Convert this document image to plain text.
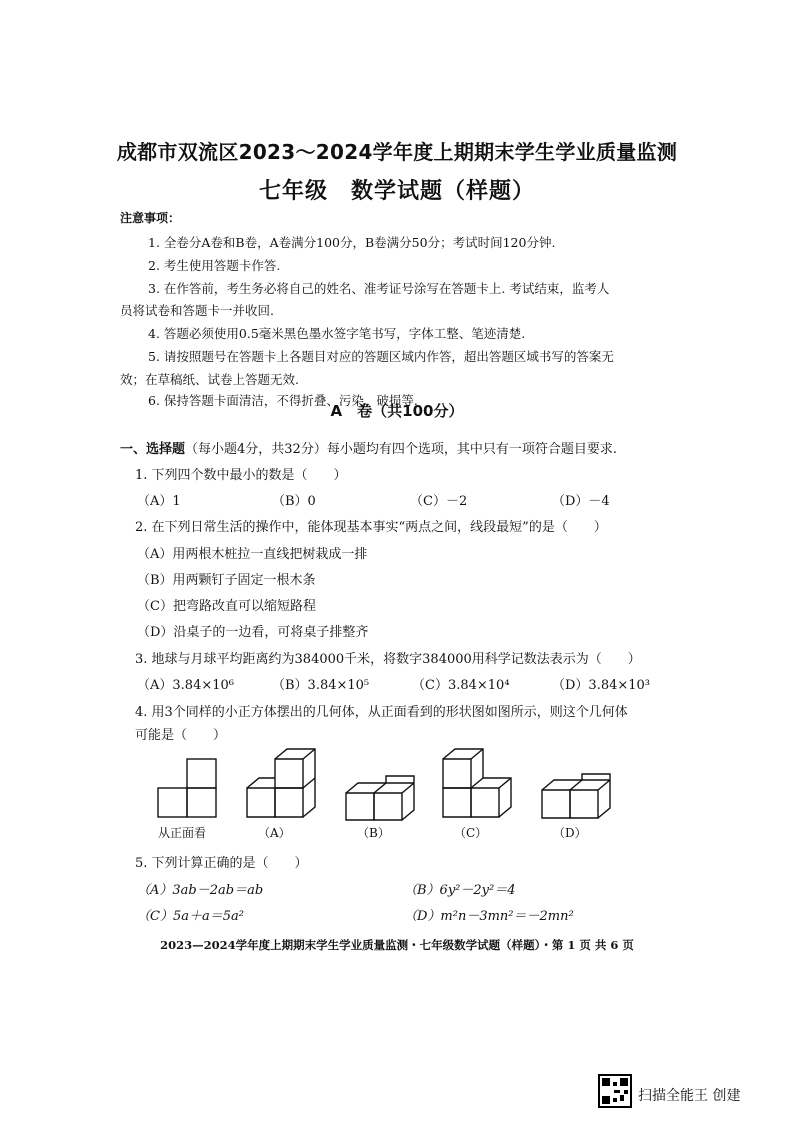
成都市双流区2023～2024学年度上期期末学生学业质量监测
七年级　数学试题（样题）
注意事项：
1. 全卷分A卷和B卷，A卷满分100分，B卷满分50分；考试时间120分钟.
2. 考生使用答题卡作答.
3. 在作答前，考生务必将自己的姓名、准考证号涂写在答题卡上. 考试结束，监考人
员将试卷和答题卡一并收回.
4. 答题必须使用0.5毫米黑色墨水签字笔书写，字体工整、笔迹清楚.
5. 请按照题号在答题卡上各题目对应的答题区域内作答，超出答题区域书写的答案无
效；在草稿纸、试卷上答题无效.
6. 保持答题卡面清洁，不得折叠、污染、破损等.
A　卷（共100分）
一、选择题（每小题4分，共32分）每小题均有四个选项，其中只有一项符合题目要求.
1. 下列四个数中最小的数是（　　）
（A）1	（B）0	（C）－2	（D）－4
2. 在下列日常生活的操作中，能体现基本事实“两点之间，线段最短”的是（　　）
（A）用两根木桩拉一直线把树栽成一排
（B）用两颗钉子固定一根木条
（C）把弯路改直可以缩短路程
（D）沿桌子的一边看，可将桌子排整齐
3. 地球与月球平均距离约为384000千米，将数字384000用科学记数法表示为（　　）
（A）3.84×10⁶	（B）3.84×10⁵	（C）3.84×10⁴	（D）3.84×10³
4. 用3个同样的小正方体摆出的几何体，从正面看到的形状图如图所示，则这个几何体
可能是（　　）
从正面看	（A）	（B）	（C）	（D）
5. 下列计算正确的是（　　）
（A）3ab－2ab＝ab	（B）6y²－2y²＝4
（C）5a＋a＝5a²	（D）m²n－3mn²＝－2mn²
2023—2024学年度上期期末学生学业质量监测・七年级数学试题（样题）・第 1 页 共 6 页
扫描全能王 创建
